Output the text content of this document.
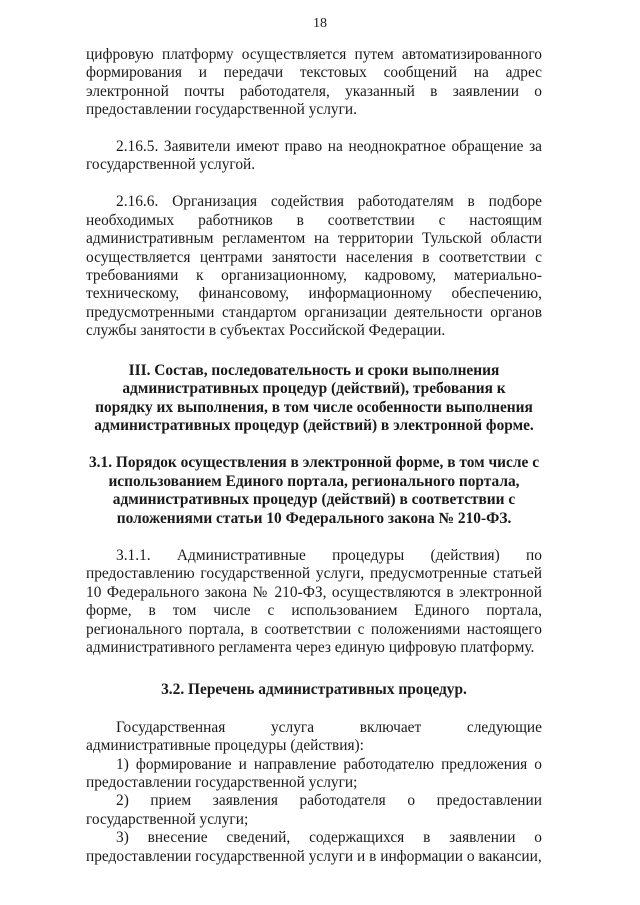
18

цифровую платформу осуществляется путем автоматизированного формирования и передачи текстовых сообщений на адрес электронной почты работодателя, указанный в заявлении о предоставлении государственной услуги.

2.16.5. Заявители имеют право на неоднократное обращение за государственной услугой.

2.16.6. Организация содействия работодателям в подборе необходимых работников в соответствии с настоящим административным регламентом на территории Тульской области осуществляется центрами занятости населения в соответствии с требованиями к организационному, кадровому, материально-техническому, финансовому, информационному обеспечению, предусмотренными стандартом организации деятельности органов службы занятости в субъектах Российской Федерации.

III. Состав, последовательность и сроки выполнения административных процедур (действий), требования к порядку их выполнения, в том числе особенности выполнения административных процедур (действий) в электронной форме.

3.1. Порядок осуществления в электронной форме, в том числе с использованием Единого портала, регионального портала, административных процедур (действий) в соответствии с положениями статьи 10 Федерального закона № 210-ФЗ.

3.1.1. Административные процедуры (действия) по предоставлению государственной услуги, предусмотренные статьей 10 Федерального закона № 210-ФЗ, осуществляются в электронной форме, в том числе с использованием Единого портала, регионального портала, в соответствии с положениями настоящего административного регламента через единую цифровую платформу.

3.2. Перечень административных процедур.

Государственная услуга включает следующие административные процедуры (действия):

1) формирование и направление работодателю предложения о предоставлении государственной услуги;

2) прием заявления работодателя о предоставлении государственной услуги;

3) внесение сведений, содержащихся в заявлении о предоставлении государственной услуги и в информации о вакансии,
